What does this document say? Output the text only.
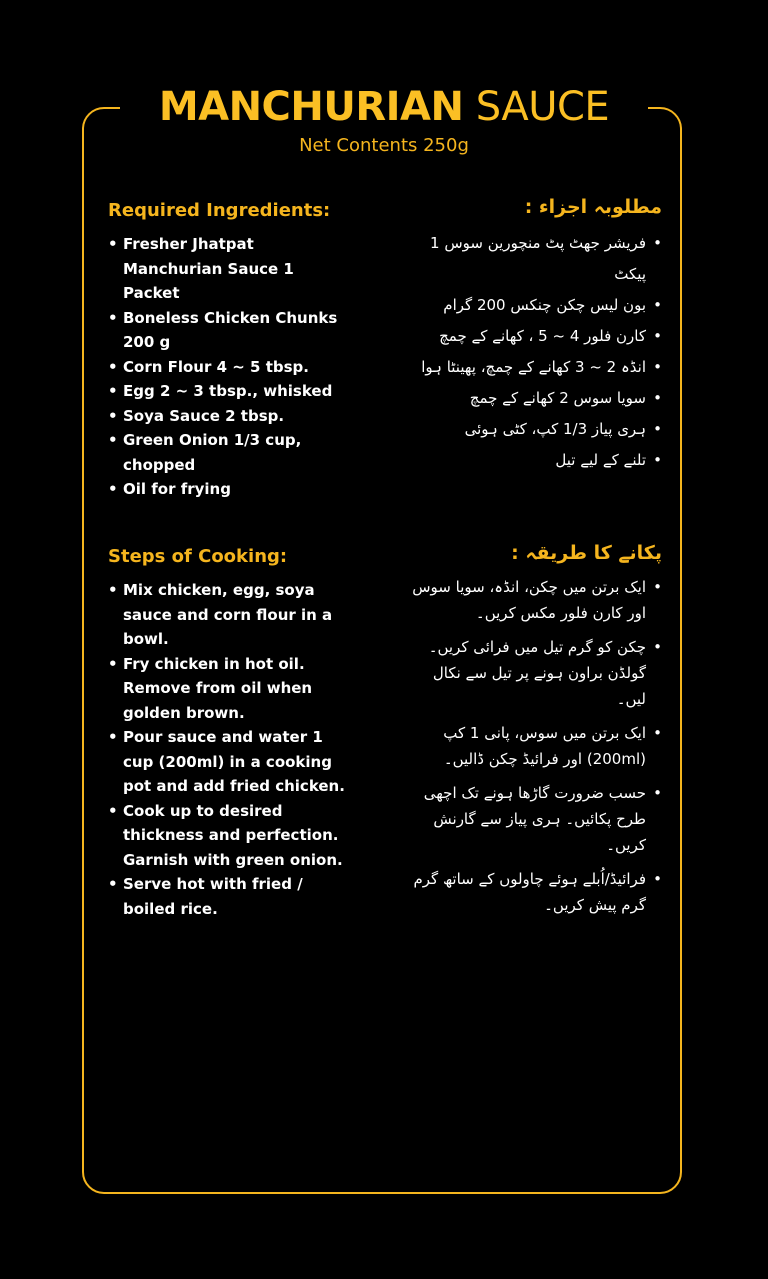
MANCHURIAN SAUCE
Net Contents 250g
Required Ingredients:
• Fresher Jhatpat Manchurian Sauce 1 Packet
• Boneless Chicken Chunks 200 g
• Corn Flour 4 ~ 5 tbsp.
• Egg 2 ~ 3 tbsp., whisked
• Soya Sauce 2 tbsp.
• Green Onion 1/3 cup, chopped
• Oil for frying
مطلوبہ اجزاء :
• فریشر جھٹ پٹ منچورین سوس 1 پیکٹ
• بون لیس چکن چنکس 200 گرام
• کارن فلور 4 ~ 5 ، کھانے کے چمچ
• انڈہ 2 ~ 3 کھانے کے چمچ، پھینٹا ہوا
• سویا سوس 2 کھانے کے چمچ
• ہری پیاز 1/3 کپ، کٹی ہوئی
• تلنے کے لیے تیل
Steps of Cooking:
• Mix chicken, egg, soya sauce and corn flour in a bowl.
• Fry chicken in hot oil. Remove from oil when golden brown.
• Pour sauce and water 1 cup (200ml) in a cooking pot and add fried chicken.
• Cook up to desired thickness and perfection. Garnish with green onion.
• Serve hot with fried / boiled rice.
پکانے کا طریقہ :
• ایک برتن میں چکن، انڈہ، سویا سوس اور کارن فلور مکس کریں۔
• چکن کو گرم تیل میں فرائی کریں۔ گولڈن براون ہونے پر تیل سے نکال لیں۔
• ایک برتن میں سوس، پانی 1 کپ (200ml) اور فرائیڈ چکن ڈالیں۔
• حسب ضرورت گاڑھا ہونے تک اچھی طرح پکائیں۔ ہری پیاز سے گارنش کریں۔
• فرائیڈ/اُبلے ہوئے چاولوں کے ساتھ گرم گرم پیش کریں۔
